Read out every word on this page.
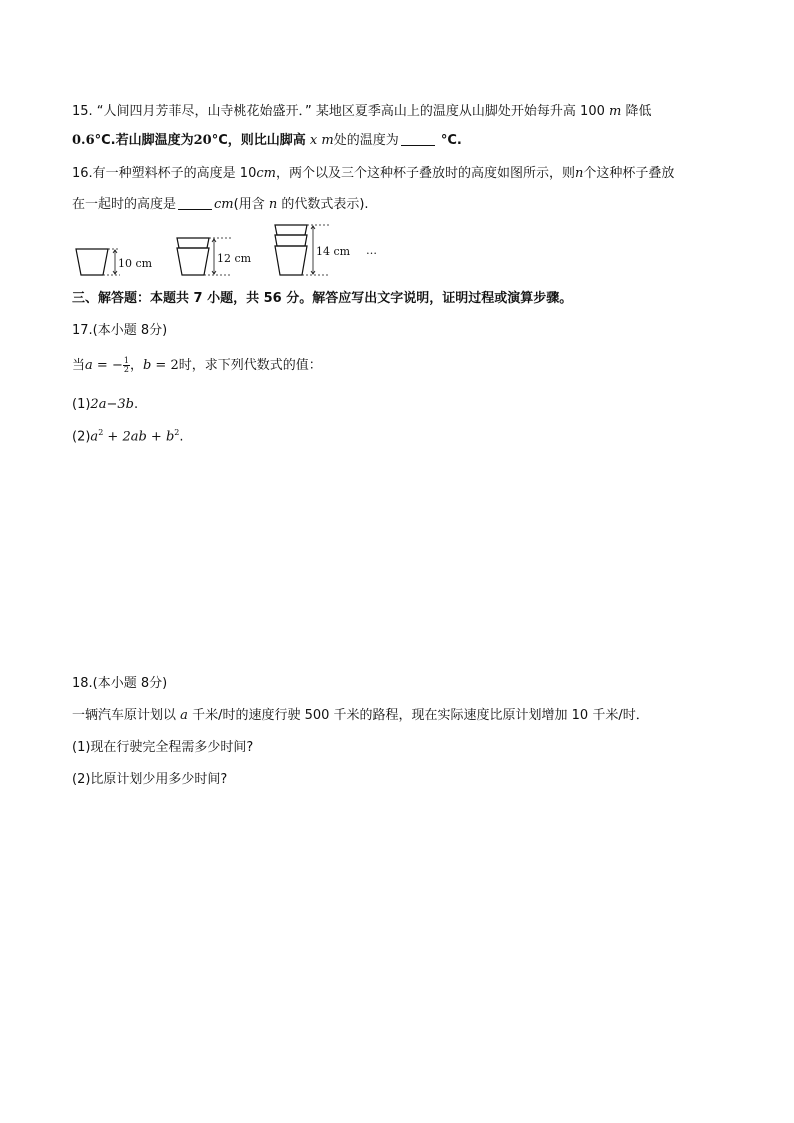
15. “人间四月芳菲尽，山寺桃花始盛开．” 某地区夏季高山上的温度从山脚处开始每升高 100 m 降低
0.6°C.若山脚温度为20°C，则比山脚高 x m处的温度为	°C.
16.有一种塑料杯子的高度是 10cm，两个以及三个这种杯子叠放时的高度如图所示，则n个这种杯子叠放
在一起时的高度是	cm(用含 n 的代数式表示).
10 cm	12 cm
14 cm …
三、解答题：本题共 7 小题，共 56 分。解答应写出文字说明，证明过程或演算步骤。
17.(本小题 8分)
当a = − $\frac{1}{2}$ ，b = 2时，求下列代数式的值：
(1)2a−3b.
$(2)a^2 + 2ab + b^2$.
18.(本小题 8分)
一辆汽车原计划以 a 千米/时的速度行驶 500 千米的路程，现在实际速度比原计划增加 10 千米/时．
(1)现在行驶完全程需多少时间?
(2)比原计划少用多少时间?
